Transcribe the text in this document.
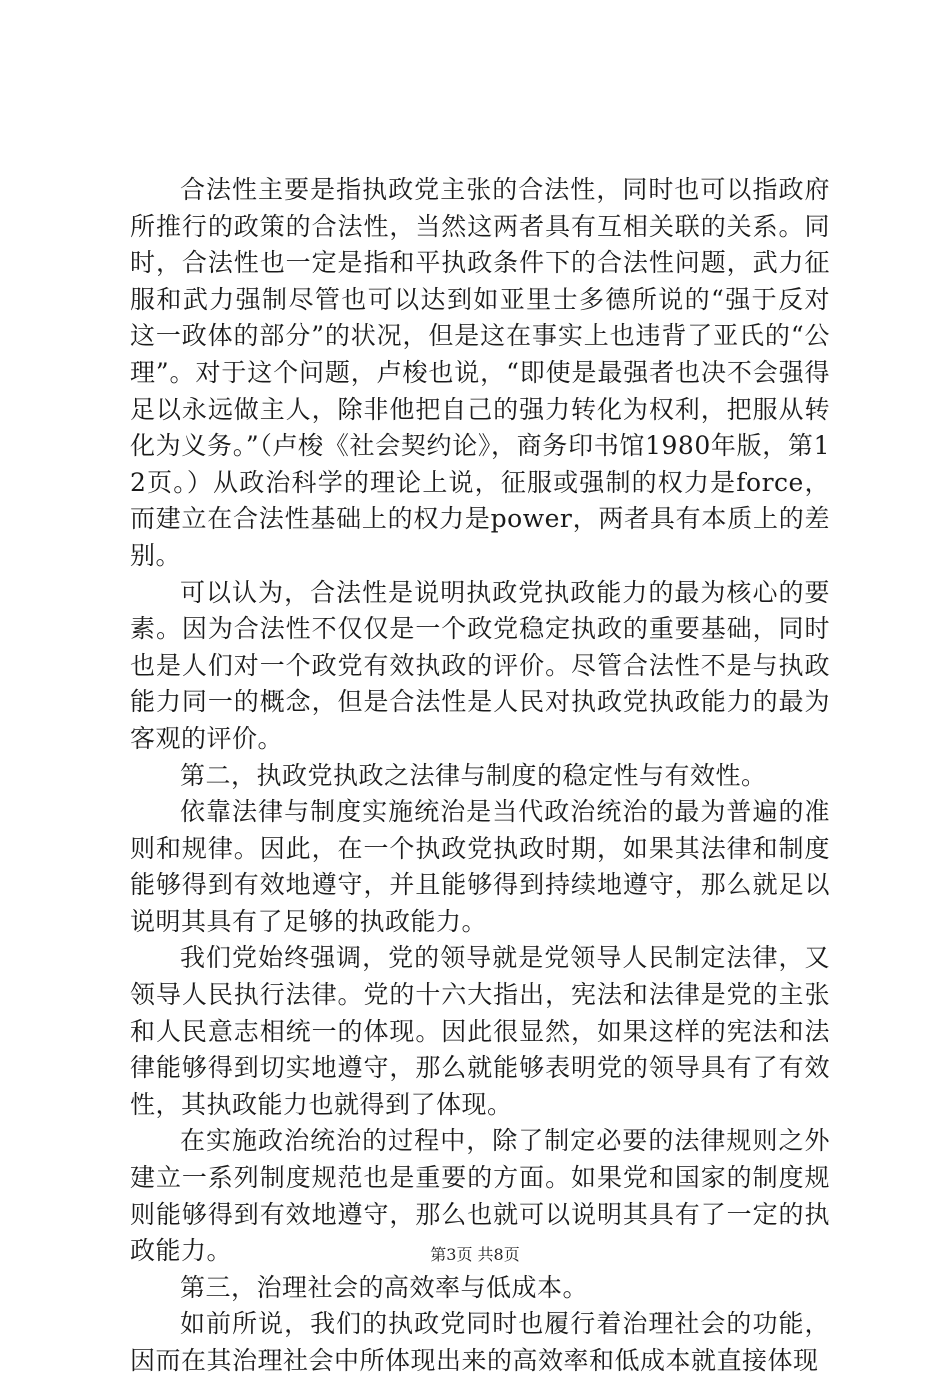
合法性主要是指执政党主张的合法性，同时也可以指政府所推行的政策的合法性，当然这两者具有互相关联的关系。同时，合法性也一定是指和平执政条件下的合法性问题，武力征服和武力强制尽管也可以达到如亚里士多德所说的“强于反对这一政体的部分”的状况，但是这在事实上也违背了亚氏的“公理”。对于这个问题，卢梭也说，“即使是最强者也决不会强得足以永远做主人，除非他把自己的强力转化为权利，把服从转化为义务。”（卢梭《社会契约论》，商务印书馆1980年版，第12页。）从政治科学的理论上说，征服或强制的权力是force，而建立在合法性基础上的权力是power，两者具有本质上的差别。

可以认为，合法性是说明执政党执政能力的最为核心的要素。因为合法性不仅仅是一个政党稳定执政的重要基础，同时也是人们对一个政党有效执政的评价。尽管合法性不是与执政能力同一的概念，但是合法性是人民对执政党执政能力的最为客观的评价。

第二，执政党执政之法律与制度的稳定性与有效性。

依靠法律与制度实施统治是当代政治统治的最为普遍的准则和规律。因此，在一个执政党执政时期，如果其法律和制度能够得到有效地遵守，并且能够得到持续地遵守，那么就足以说明其具有了足够的执政能力。

我们党始终强调，党的领导就是党领导人民制定法律，又领导人民执行法律。党的十六大指出，宪法和法律是党的主张和人民意志相统一的体现。因此很显然，如果这样的宪法和法律能够得到切实地遵守，那么就能够表明党的领导具有了有效性，其执政能力也就得到了体现。

在实施政治统治的过程中，除了制定必要的法律规则之外建立一系列制度规范也是重要的方面。如果党和国家的制度规则能够得到有效地遵守，那么也就可以说明其具有了一定的执政能力。

第三，治理社会的高效率与低成本。

如前所说，我们的执政党同时也履行着治理社会的功能，因而在其治理社会中所体现出来的高效率和低成本就直接体现

第3页 共8页
